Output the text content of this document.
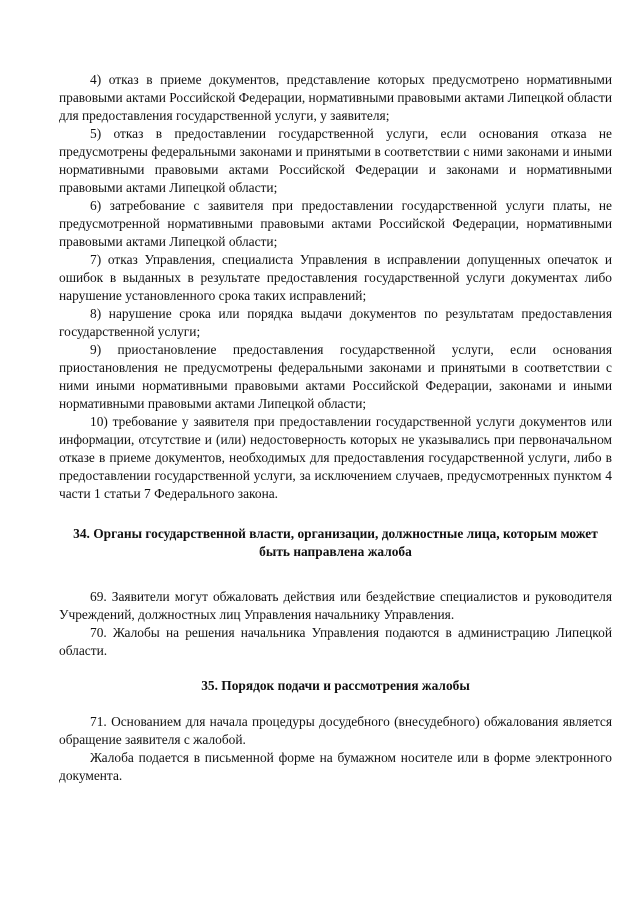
4) отказ в приеме документов, представление которых предусмотрено нормативными правовыми актами Российской Федерации, нормативными правовыми актами Липецкой области для предоставления государственной услуги, у заявителя;

5) отказ в предоставлении государственной услуги, если основания отказа не предусмотрены федеральными законами и принятыми в соответствии с ними законами и иными нормативными правовыми актами Российской Федерации и законами и нормативными правовыми актами Липецкой области;

6) затребование с заявителя при предоставлении государственной услуги платы, не предусмотренной нормативными правовыми актами Российской Федерации, нормативными правовыми актами Липецкой области;

7) отказ Управления, специалиста Управления в исправлении допущенных опечаток и ошибок в выданных в результате предоставления государственной услуги документах либо нарушение установленного срока таких исправлений;

8) нарушение срока или порядка выдачи документов по результатам предоставления государственной услуги;

9) приостановление предоставления государственной услуги, если основания приостановления не предусмотрены федеральными законами и принятыми в соответствии с ними иными нормативными правовыми актами Российской Федерации, законами и иными нормативными правовыми актами Липецкой области;

10) требование у заявителя при предоставлении государственной услуги документов или информации, отсутствие и (или) недостоверность которых не указывались при первоначальном отказе в приеме документов, необходимых для предоставления государственной услуги, либо в предоставлении государственной услуги, за исключением случаев, предусмотренных пунктом 4 части 1 статьи 7 Федерального закона.

34. Органы государственной власти, организации, должностные лица, которым может быть направлена жалоба

69. Заявители могут обжаловать действия или бездействие специалистов и руководителя Учреждений, должностных лиц Управления начальнику Управления.

70. Жалобы на решения начальника Управления подаются в администрацию Липецкой области.

35. Порядок подачи и рассмотрения жалобы

71. Основанием для начала процедуры досудебного (внесудебного) обжалования является обращение заявителя с жалобой.

Жалоба подается в письменной форме на бумажном носителе или в форме электронного документа.
